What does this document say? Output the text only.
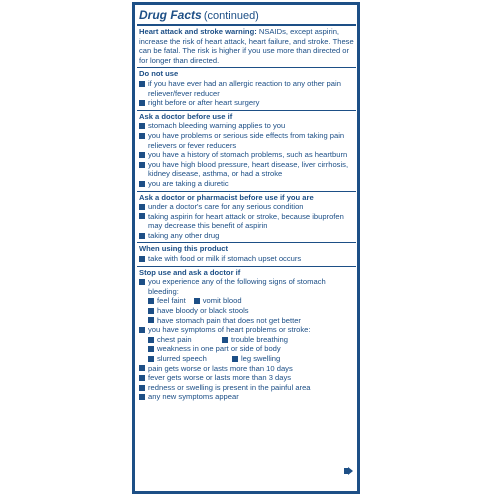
Drug Facts (continued)
Heart attack and stroke warning: NSAIDs, except aspirin, increase the risk of heart attack, heart failure, and stroke. These can be fatal. The risk is higher if you use more than directed or for longer than directed.
Do not use
if you have ever had an allergic reaction to any other pain reliever/fever reducer
right before or after heart surgery
Ask a doctor before use if
stomach bleeding warning applies to you
you have problems or serious side effects from taking pain relievers or fever reducers
you have a history of stomach problems, such as heartburn
you have high blood pressure, heart disease, liver cirrhosis, kidney disease, asthma, or had a stroke
you are taking a diuretic
Ask a doctor or pharmacist before use if you are
under a doctor's care for any serious condition
taking aspirin for heart attack or stroke, because ibuprofen may decrease this benefit of aspirin
taking any other drug
When using this product
take with food or milk if stomach upset occurs
Stop use and ask a doctor if
you experience any of the following signs of stomach bleeding:
feel faint vomit blood
have bloody or black stools
have stomach pain that does not get better
you have symptoms of heart problems or stroke:
chest pain	trouble breathing
weakness in one part or side of body
slurred speech	leg swelling
pain gets worse or lasts more than 10 days
fever gets worse or lasts more than 3 days
redness or swelling is present in the painful area
any new symptoms appear
